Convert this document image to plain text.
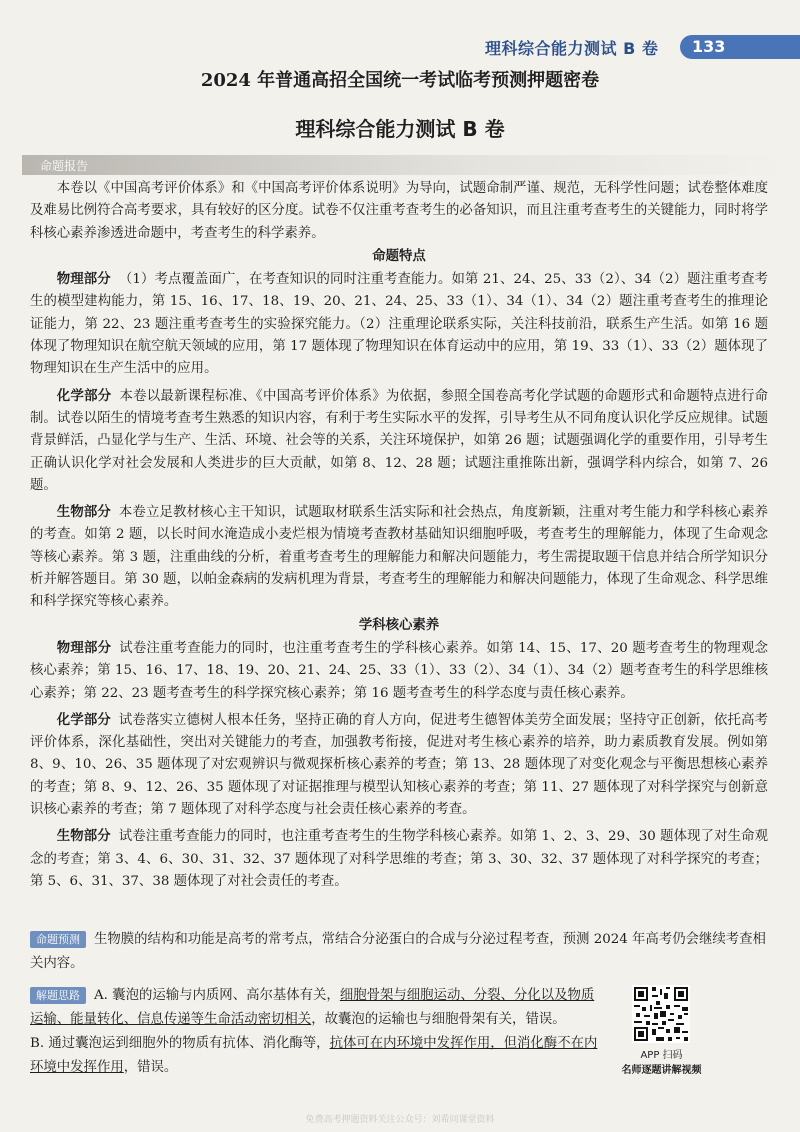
理科综合能力测试 B 卷	133
2024 年普通高招全国统一考试临考预测押题密卷
理科综合能力测试 B 卷
命题报告

本卷以《中国高考评价体系》和《中国高考评价体系说明》为导向，试题命制严谨、规范，无科学性问题；试卷整体难度及难易比例符合高考要求，具有较好的区分度。试卷不仅注重考查考生的必备知识，而且注重考查考生的关键能力，同时将学科核心素养渗透进命题中，考查考生的科学素养。

命题特点

物理部分 （1）考点覆盖面广，在考查知识的同时注重考查能力。如第 21、24、25、33（2）、34（2）题注重考查考生的模型建构能力，第 15、16、17、18、19、20、21、24、25、33（1）、34（1）、34（2）题注重考查考生的推理论证能力，第 22、23 题注重考查考生的实验探究能力。（2）注重理论联系实际，关注科技前沿，联系生产生活。如第 16 题体现了物理知识在航空航天领域的应用，第 17 题体现了物理知识在体育运动中的应用，第 19、33（1）、33（2）题体现了物理知识在生产生活中的应用。

化学部分 本卷以最新课程标准、《中国高考评价体系》为依据，参照全国卷高考化学试题的命题形式和命题特点进行命制。试卷以陌生的情境考查考生熟悉的知识内容，有利于考生实际水平的发挥，引导考生从不同角度认识化学反应规律。试题背景鲜活，凸显化学与生产、生活、环境、社会等的关系，关注环境保护，如第 26 题；试题强调化学的重要作用，引导考生正确认识化学对社会发展和人类进步的巨大贡献，如第 8、12、28 题；试题注重推陈出新，强调学科内综合，如第 7、26 题。

生物部分 本卷立足教材核心主干知识，试题取材联系生活实际和社会热点，角度新颖，注重对考生能力和学科核心素养的考查。如第 2 题，以长时间水淹造成小麦烂根为情境考查教材基础知识细胞呼吸，考查考生的理解能力，体现了生命观念等核心素养。第 3 题，注重曲线的分析，着重考查考生的理解能力和解决问题能力，考生需提取题干信息并结合所学知识分析并解答题目。第 30 题，以帕金森病的发病机理为背景，考查考生的理解能力和解决问题能力，体现了生命观念、科学思维和科学探究等核心素养。

学科核心素养

物理部分 试卷注重考查能力的同时，也注重考查考生的学科核心素养。如第 14、15、17、20 题考查考生的物理观念核心素养；第 15、16、17、18、19、20、21、24、25、33（1）、33（2）、34（1）、34（2）题考查考生的科学思维核心素养；第 22、23 题考查考生的科学探究核心素养；第 16 题考查考生的科学态度与责任核心素养。

化学部分 试卷落实立德树人根本任务，坚持正确的育人方向，促进考生德智体美劳全面发展；坚持守正创新，依托高考评价体系，深化基础性，突出对关键能力的考查，加强教考衔接，促进对考生核心素养的培养，助力素质教育发展。例如第 8、9、10、26、35 题体现了对宏观辨识与微观探析核心素养的考查；第 13、28 题体现了对变化观念与平衡思想核心素养的考查；第 8、9、12、26、35 题体现了对证据推理与模型认知核心素养的考查；第 11、27 题体现了对科学探究与创新意识核心素养的考查；第 7 题体现了对科学态度与社会责任核心素养的考查。

生物部分 试卷注重考查能力的同时，也注重考查考生的生物学科核心素养。如第 1、2、3、29、30 题体现了对生命观念的考查；第 3、4、6、30、31、32、37 题体现了对科学思维的考查；第 3、30、32、37 题体现了对科学探究的考查；第 5、6、31、37、38 题体现了对社会责任的考查。

命题预测 生物膜的结构和功能是高考的常考点，常结合分泌蛋白的合成与分泌过程考查，预测 2024 年高考仍会继续考查相关内容。
解题思路 A. 囊泡的运输与内质网、高尔基体有关，细胞骨架与细胞运动、分裂、分化以及物质运输、能量转化、信息传递等生命活动密切相关，故囊泡的运输也与细胞骨架有关，错误。
B. 通过囊泡运到细胞外的物质有抗体、消化酶等，抗体可在内环境中发挥作用，但消化酶不在内环境中发挥作用，错误。
APP 扫码
名师逐题讲解视频
免费高考押题资料关注公众号：刘希同课堂资料
